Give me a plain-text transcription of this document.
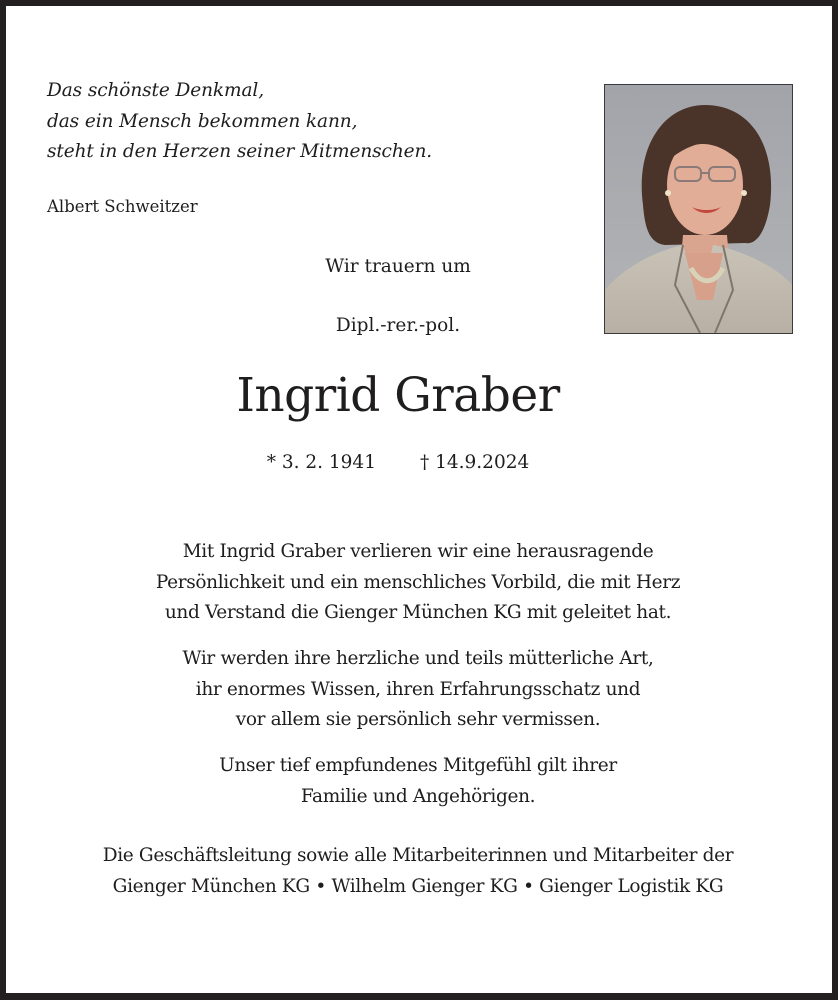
Das schönste Denkmal,
das ein Mensch bekommen kann,
steht in den Herzen seiner Mitmenschen.
Albert Schweitzer
Wir trauern um
Dipl.-rer.-pol.
Ingrid Graber
* 3. 2. 1941 † 14.9.2024
Mit Ingrid Graber verlieren wir eine herausragende
Persönlichkeit und ein menschliches Vorbild, die mit Herz
und Verstand die Gienger München KG mit geleitet hat.
Wir werden ihre herzliche und teils mütterliche Art,
ihr enormes Wissen, ihren Erfahrungsschatz und
vor allem sie persönlich sehr vermissen.
Unser tief empfundenes Mitgefühl gilt ihrer
Familie und Angehörigen.
Die Geschäftsleitung sowie alle Mitarbeiterinnen und Mitarbeiter der
Gienger München KG • Wilhelm Gienger KG • Gienger Logistik KG
